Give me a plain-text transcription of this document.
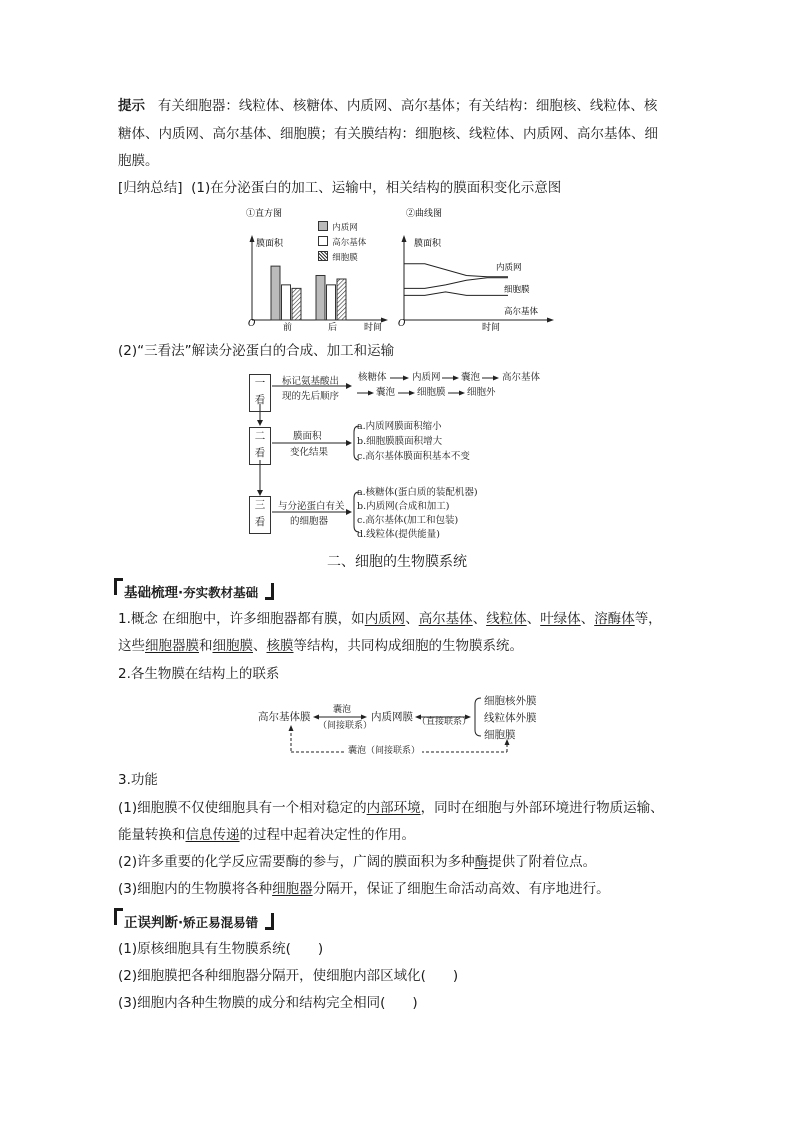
提示 有关细胞器：线粒体、核糖体、内质网、高尔基体；有关结构：细胞核、线粒体、核
糖体、内质网、高尔基体、细胞膜；有关膜结构：细胞核、线粒体、内质网、高尔基体、细
胞膜。
[归纳总结] (1)在分泌蛋白的加工、运输中，相关结构的膜面积变化示意图
①直方图
膜面积
O	时间
前	后
内质网
高尔基体
细胞膜
②曲线图
膜面积
O	时间
内质网
细胞膜
高尔基体
(2)“三看法”解读分泌蛋白的合成、加工和运输
一看
二看
三看
标记氨基酸出
现的先后顺序
膜面积
变化结果
与分泌蛋白有关
的细胞器
核糖体	内质网 囊泡 高尔基体
囊泡 细胞膜 细胞外
a.内质网膜面积缩小
b.细胞膜膜面积增大
c.高尔基体膜面积基本不变
a.核糖体(蛋白质的装配机器)
b.内质网(合成和加工)
c.高尔基体(加工和包装)
d.线粒体(提供能量)
二、细胞的生物膜系统
基础梳理·夯实教材基础
1.概念 在细胞中，许多细胞器都有膜，如内质网、高尔基体、线粒体、叶绿体、溶酶体等，
这些细胞器膜和细胞膜、核膜等结构，共同构成细胞的生物膜系统。
2.各生物膜在结构上的联系
高尔基体膜
囊泡
（间接联系）
内质网膜 （直接联系）
细胞核外膜
线粒体外膜
细胞膜
囊泡（间接联系）
3.功能
(1)细胞膜不仅使细胞具有一个相对稳定的内部环境，同时在细胞与外部环境进行物质运输、
能量转换和信息传递的过程中起着决定性的作用。
(2)许多重要的化学反应需要酶的参与，广阔的膜面积为多种酶提供了附着位点。
(3)细胞内的生物膜将各种细胞器分隔开，保证了细胞生命活动高效、有序地进行。
正误判断·矫正易混易错
(1)原核细胞具有生物膜系统(　　)
(2)细胞膜把各种细胞器分隔开，使细胞内部区域化(　　)
(3)细胞内各种生物膜的成分和结构完全相同(　　)
